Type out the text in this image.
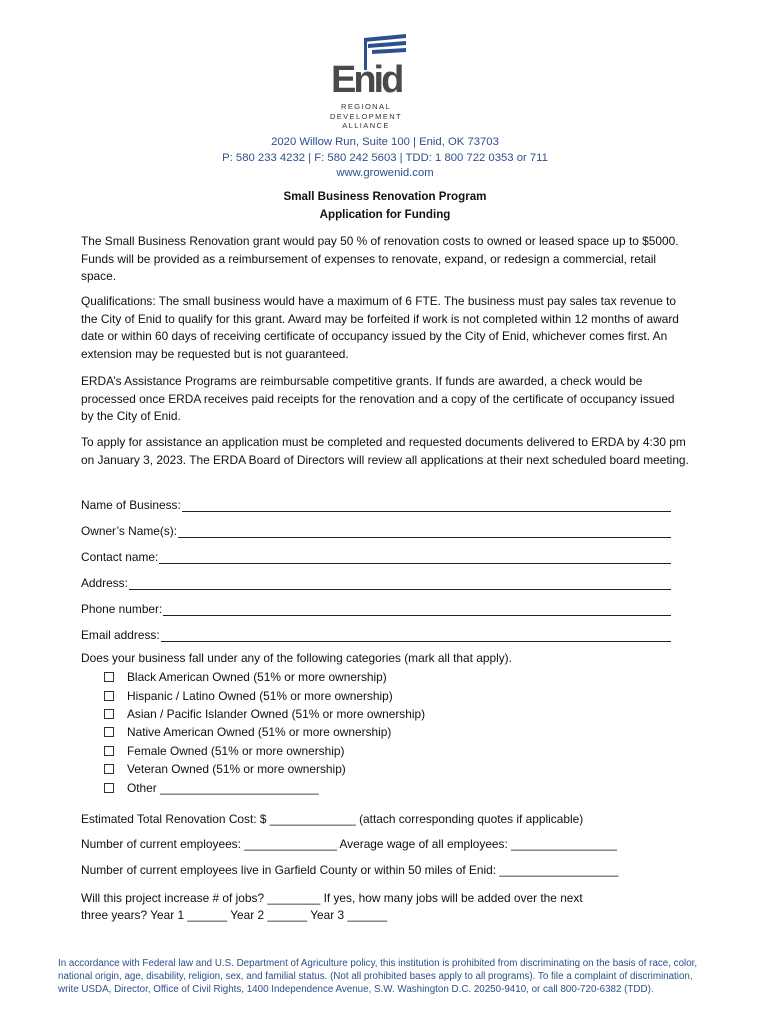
Enid
REGIONAL
DEVELOPMENT
ALLIANCE
2020 Willow Run, Suite 100 | Enid, OK 73703
P: 580 233 4232 | F: 580 242 5603 | TDD: 1 800 722 0353 or 711
www.growenid.com
Small Business Renovation Program
Application for Funding

The Small Business Renovation grant would pay 50 % of renovation costs to owned or leased space up to $5000. Funds will be provided as a reimbursement of expenses to renovate, expand, or redesign a commercial, retail space.

Qualifications: The small business would have a maximum of 6 FTE. The business must pay sales tax revenue to the City of Enid to qualify for this grant. Award may be forfeited if work is not completed within 12 months of award date or within 60 days of receiving certificate of occupancy issued by the City of Enid, whichever comes first. An extension may be requested but is not guaranteed.

ERDA’s Assistance Programs are reimbursable competitive grants. If funds are awarded, a check would be processed once ERDA receives paid receipts for the renovation and a copy of the certificate of occupancy issued by the City of Enid.

To apply for assistance an application must be completed and requested documents delivered to ERDA by 4:30 pm on January 3, 2023. The ERDA Board of Directors will review all applications at their next scheduled board meeting.

Name of Business:
Owner’s Name(s):
Contact name:
Address:
Phone number:
Email address:
Does your business fall under any of the following categories (mark all that apply).
Black American Owned (51% or more ownership)
Hispanic / Latino Owned (51% or more ownership)
Asian / Pacific Islander Owned (51% or more ownership)
Native American Owned (51% or more ownership)
Female Owned (51% or more ownership)
Veteran Owned (51% or more ownership)
Other ________________________
Estimated Total Renovation Cost: $ _____________ (attach corresponding quotes if applicable)
Number of current employees: ______________ Average wage of all employees: ________________
Number of current employees live in Garfield County or within 50 miles of Enid: __________________
Will this project increase # of jobs? ________ If yes, how many jobs will be added over the next
three years? Year 1 ______ Year 2 ______ Year 3 ______
In accordance with Federal law and U.S. Department of Agriculture policy, this institution is prohibited from discriminating on the basis of race, color, national origin, age, disability, religion, sex, and familial status. (Not all prohibited bases apply to all programs). To file a complaint of discrimination, write USDA, Director, Office of Civil Rights, 1400 Independence Avenue, S.W. Washington D.C. 20250-9410, or call 800-720-6382 (TDD).
